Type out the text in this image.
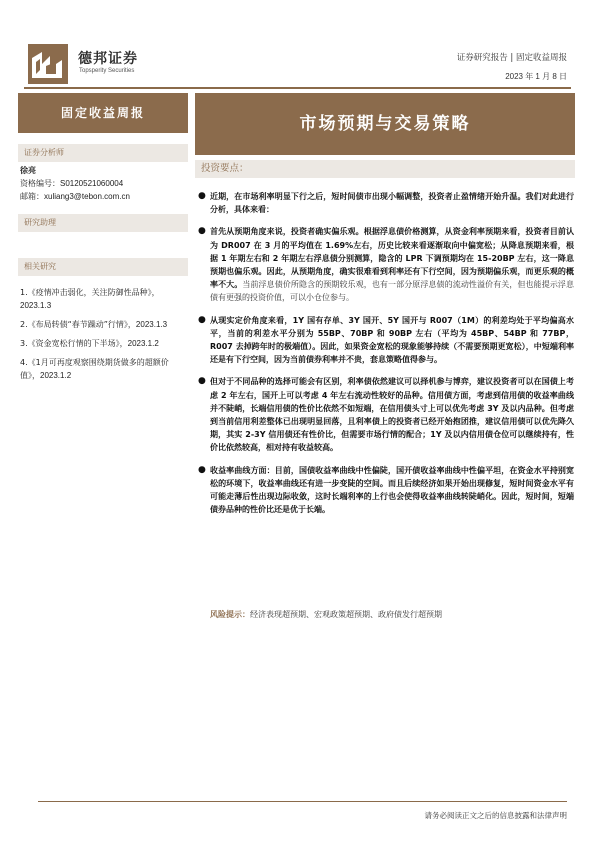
德邦证券
Topsperity Securities
证券研究报告 | 固定收益周报
2023 年 1 月 8 日
固定收益周报
市场预期与交易策略
证券分析师
徐亮
资格编号：S0120521060004
邮箱：xuliang3@tebon.com.cn
研究助理
相关研究
1.《疫情冲击弱化，关注防御性品种》，2023.1.3
2.《布局转债“春节躁动”行情》，2023.1.3
3.《资金宽松行情的下半场》，2023.1.2
4.《1月可再度观察围绕期货做多的超额价值》，2023.1.2
投资要点：
● 近期，在市场利率明显下行之后，短时间债市出现小幅调整，投资者止盈情绪开始升温。我们对此进行分析，具体来看：
● 首先从预期角度来说，投资者确实偏乐观。根据浮息债价格测算，从资金利率预期来看，投资者目前认为 DR007 在 3 月的平均值在 1.69%左右，历史比较来看逐渐取向中偏宽松；从降息预期来看，根据 1 年期左右和 2 年期左右浮息债分别测算，隐含的 LPR 下调预期均在 15-20BP 左右，这一降息预期也偏乐观。因此，从预期角度，确实很难看到利率还有下行空间，因为预期偏乐观，而更乐观的概率不大。当前浮息债价所隐含的预期较乐观，也有一部分原浮息债的流动性溢价有关，但也能提示浮息债有更强的投资价值，可以小仓位参与。
● 从现实定价角度来看，1Y 国有存单、3Y 国开、5Y 国开与 R007（1M）的利差均处于平均偏高水平，当前的利差水平分别为 55BP、70BP 和 90BP 左右（平均为 45BP、54BP 和 77BP，R007 去掉跨年时的极端值）。因此，如果资金宽松的现象能够持续（不需要预期更宽松），中短端利率还是有下行空间，因为当前债券利率并不贵，套息策略值得参与。
● 但对于不同品种的选择可能会有区别，利率债依然建议可以择机参与博弈，建议投资者可以在国债上考虑 2 年左右，国开上可以考虑 4 年左右流动性较好的品种。信用债方面，考虑到信用债的收益率曲线并不陡峭，长端信用债的性价比依然不如短端，在信用债头寸上可以优先考虑 3Y 及以内品种。但考虑到当前信用利差整体已出现明显回落，且利率债上的投资者已经开始抱团推，建议信用债可以优先降久期，其实 2-3Y 信用债还有性价比，但需要市场行情的配合；1Y 及以内信用债仓位可以继续持有，性价比依然较高，相对持有收益较高。
● 收益率曲线方面：目前，国债收益率曲线中性偏陡，国开债收益率曲线中性偏平坦，在资金水平持别宽松的环境下，收益率曲线还有进一步变陡的空间。而且后续经济如果开始出现修复，短时间资金水平有可能走薄后性出现边际收敛，这时长端利率的上行也会使得收益率曲线转陡峭化。因此，短时间，短端债券品种的性价比还是优于长端。
风险提示：经济表现超预期、宏观政策超预期、政府债发行超预期
请务必阅读正文之后的信息披露和法律声明
